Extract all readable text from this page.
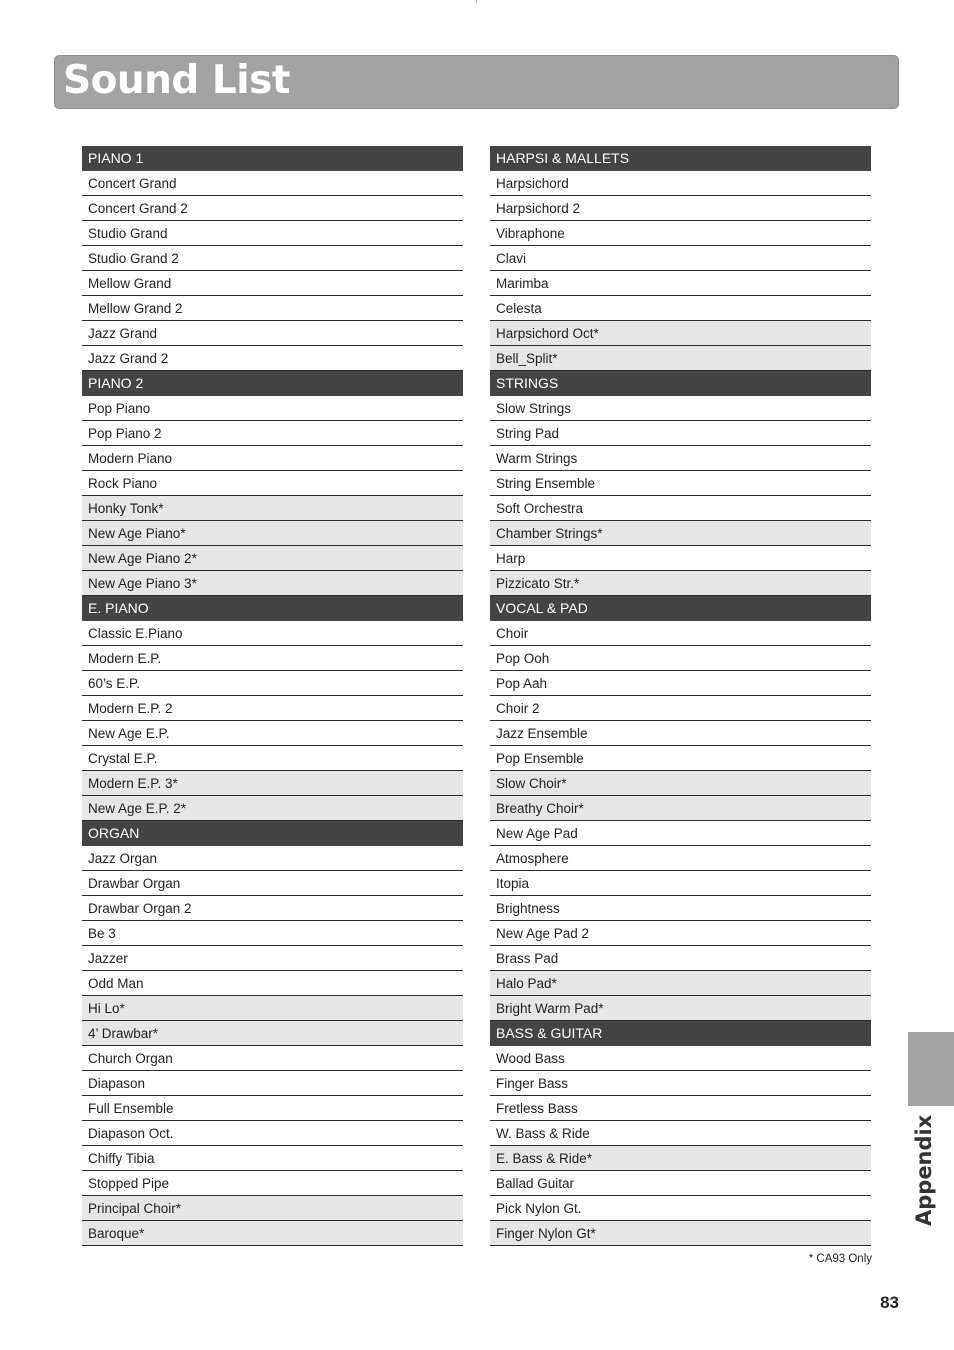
Sound List
PIANO 1
Concert Grand
Concert Grand 2
Studio Grand
Studio Grand 2
Mellow Grand
Mellow Grand 2
Jazz Grand
Jazz Grand 2
PIANO 2
Pop Piano
Pop Piano 2
Modern Piano
Rock Piano
Honky Tonk*
New Age Piano*
New Age Piano 2*
New Age Piano 3*
E. PIANO
Classic E.Piano
Modern E.P.
60’s E.P.
Modern E.P. 2
New Age E.P.
Crystal E.P.
Modern E.P. 3*
New Age E.P. 2*
ORGAN
Jazz Organ
Drawbar Organ
Drawbar Organ 2
Be 3
Jazzer
Odd Man
Hi Lo*
4’ Drawbar*
Church Organ
Diapason
Full Ensemble
Diapason Oct.
Chiffy Tibia
Stopped Pipe
Principal Choir*
Baroque*
HARPSI & MALLETS
Harpsichord
Harpsichord 2
Vibraphone
Clavi
Marimba
Celesta
Harpsichord Oct*
Bell_Split*
STRINGS
Slow Strings
String Pad
Warm Strings
String Ensemble
Soft Orchestra
Chamber Strings*
Harp
Pizzicato Str.*
VOCAL & PAD
Choir
Pop Ooh
Pop Aah
Choir 2
Jazz Ensemble
Pop Ensemble
Slow Choir*
Breathy Choir*
New Age Pad
Atmosphere
Itopia
Brightness
New Age Pad 2
Brass Pad
Halo Pad*
Bright Warm Pad*
BASS & GUITAR
Wood Bass
Finger Bass
Fretless Bass
W. Bass & Ride
E. Bass & Ride*
Ballad Guitar
Pick Nylon Gt.
Finger Nylon Gt*
* CA93 Only
83
Appendix
